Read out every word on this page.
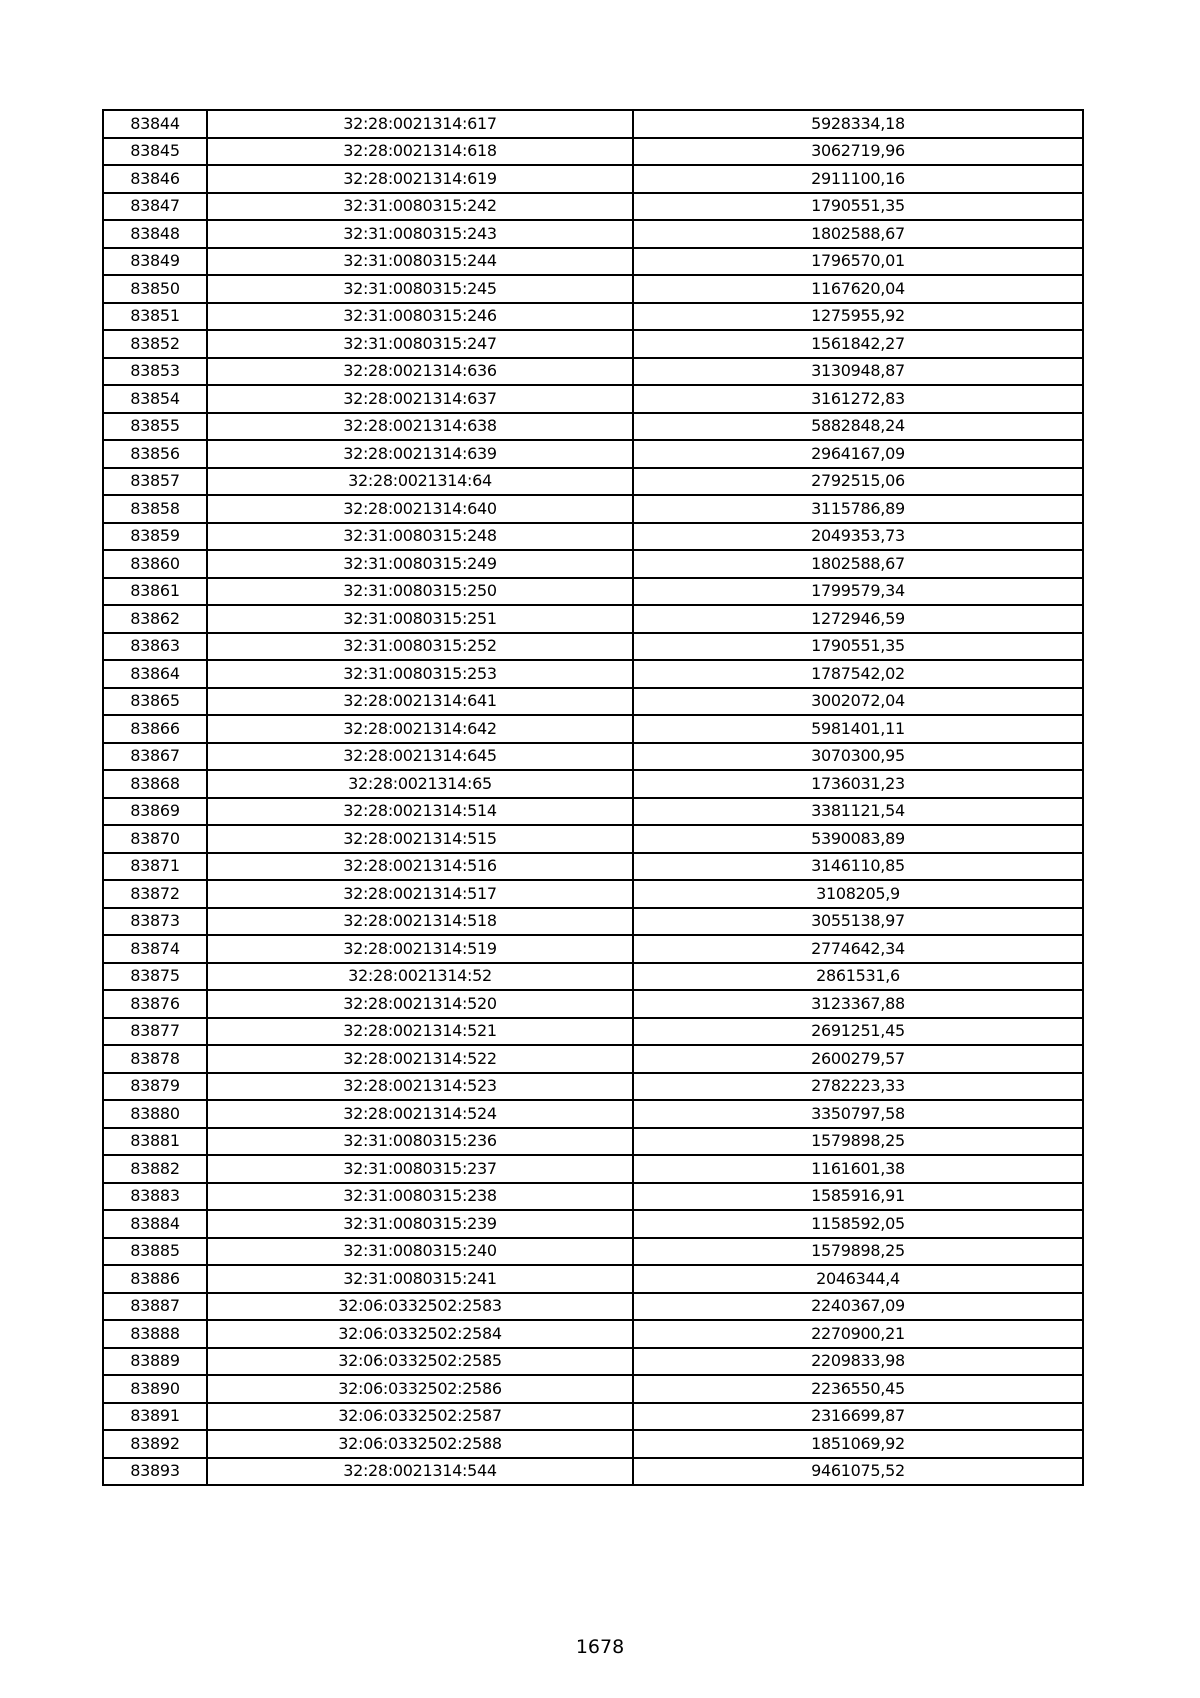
83844	32:28:0021314:617	5928334,18
83845	32:28:0021314:618	3062719,96
83846	32:28:0021314:619	2911100,16
83847	32:31:0080315:242	1790551,35
83848	32:31:0080315:243	1802588,67
83849	32:31:0080315:244	1796570,01
83850	32:31:0080315:245	1167620,04
83851	32:31:0080315:246	1275955,92
83852	32:31:0080315:247	1561842,27
83853	32:28:0021314:636	3130948,87
83854	32:28:0021314:637	3161272,83
83855	32:28:0021314:638	5882848,24
83856	32:28:0021314:639	2964167,09
83857	32:28:0021314:64	2792515,06
83858	32:28:0021314:640	3115786,89
83859	32:31:0080315:248	2049353,73
83860	32:31:0080315:249	1802588,67
83861	32:31:0080315:250	1799579,34
83862	32:31:0080315:251	1272946,59
83863	32:31:0080315:252	1790551,35
83864	32:31:0080315:253	1787542,02
83865	32:28:0021314:641	3002072,04
83866	32:28:0021314:642	5981401,11
83867	32:28:0021314:645	3070300,95
83868	32:28:0021314:65	1736031,23
83869	32:28:0021314:514	3381121,54
83870	32:28:0021314:515	5390083,89
83871	32:28:0021314:516	3146110,85
83872	32:28:0021314:517	3108205,9
83873	32:28:0021314:518	3055138,97
83874	32:28:0021314:519	2774642,34
83875	32:28:0021314:52	2861531,6
83876	32:28:0021314:520	3123367,88
83877	32:28:0021314:521	2691251,45
83878	32:28:0021314:522	2600279,57
83879	32:28:0021314:523	2782223,33
83880	32:28:0021314:524	3350797,58
83881	32:31:0080315:236	1579898,25
83882	32:31:0080315:237	1161601,38
83883	32:31:0080315:238	1585916,91
83884	32:31:0080315:239	1158592,05
83885	32:31:0080315:240	1579898,25
83886	32:31:0080315:241	2046344,4
83887	32:06:0332502:2583	2240367,09
83888	32:06:0332502:2584	2270900,21
83889	32:06:0332502:2585	2209833,98
83890	32:06:0332502:2586	2236550,45
83891	32:06:0332502:2587	2316699,87
83892	32:06:0332502:2588	1851069,92
83893	32:28:0021314:544	9461075,52
1678
